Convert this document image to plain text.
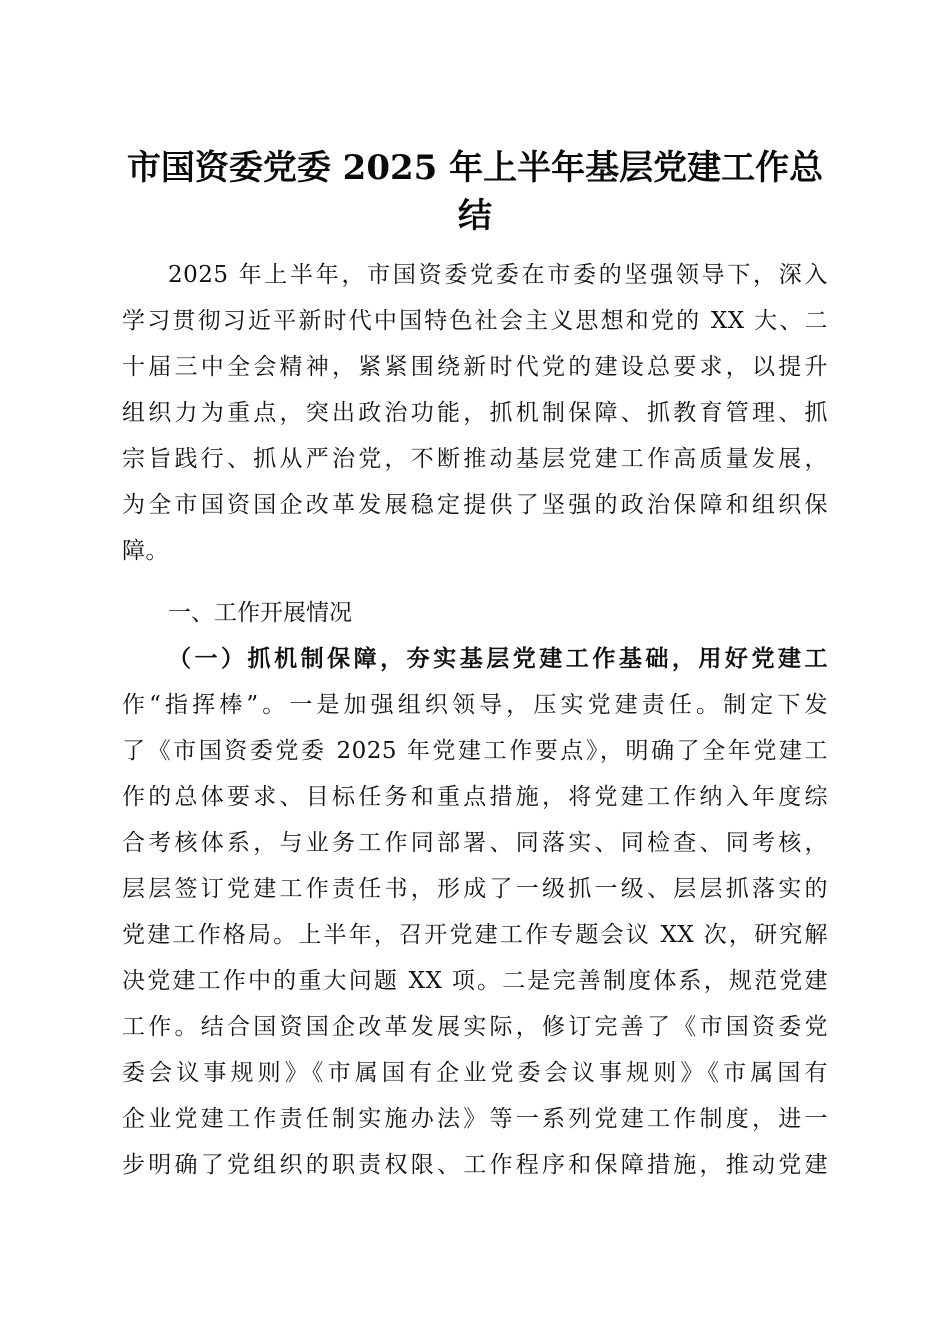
市国资委党委 2025 年上半年基层党建工作总
结
2025 年上半年，市国资委党委在市委的坚强领导下，深入
学习贯彻习近平新时代中国特色社会主义思想和党的 XX 大、二
十届三中全会精神，紧紧围绕新时代党的建设总要求，以提升
组织力为重点，突出政治功能，抓机制保障、抓教育管理、抓
宗旨践行、抓从严治党，不断推动基层党建工作高质量发展，
为全市国资国企改革发展稳定提供了坚强的政治保障和组织保
障。
一、工作开展情况
（一）抓机制保障，夯实基层党建工作基础，用好党建工
作“指挥棒”。一是加强组织领导，压实党建责任。制定下发
了《市国资委党委 2025 年党建工作要点》，明确了全年党建工
作的总体要求、目标任务和重点措施，将党建工作纳入年度综
合考核体系，与业务工作同部署、同落实、同检查、同考核，
层层签订党建工作责任书，形成了一级抓一级、层层抓落实的
党建工作格局。上半年，召开党建工作专题会议 XX 次，研究解
决党建工作中的重大问题 XX 项。二是完善制度体系，规范党建
工作。结合国资国企改革发展实际，修订完善了《市国资委党
委会议事规则》《市属国有企业党委会议事规则》《市属国有
企业党建工作责任制实施办法》等一系列党建工作制度，进一
步明确了党组织的职责权限、工作程序和保障措施，推动党建
